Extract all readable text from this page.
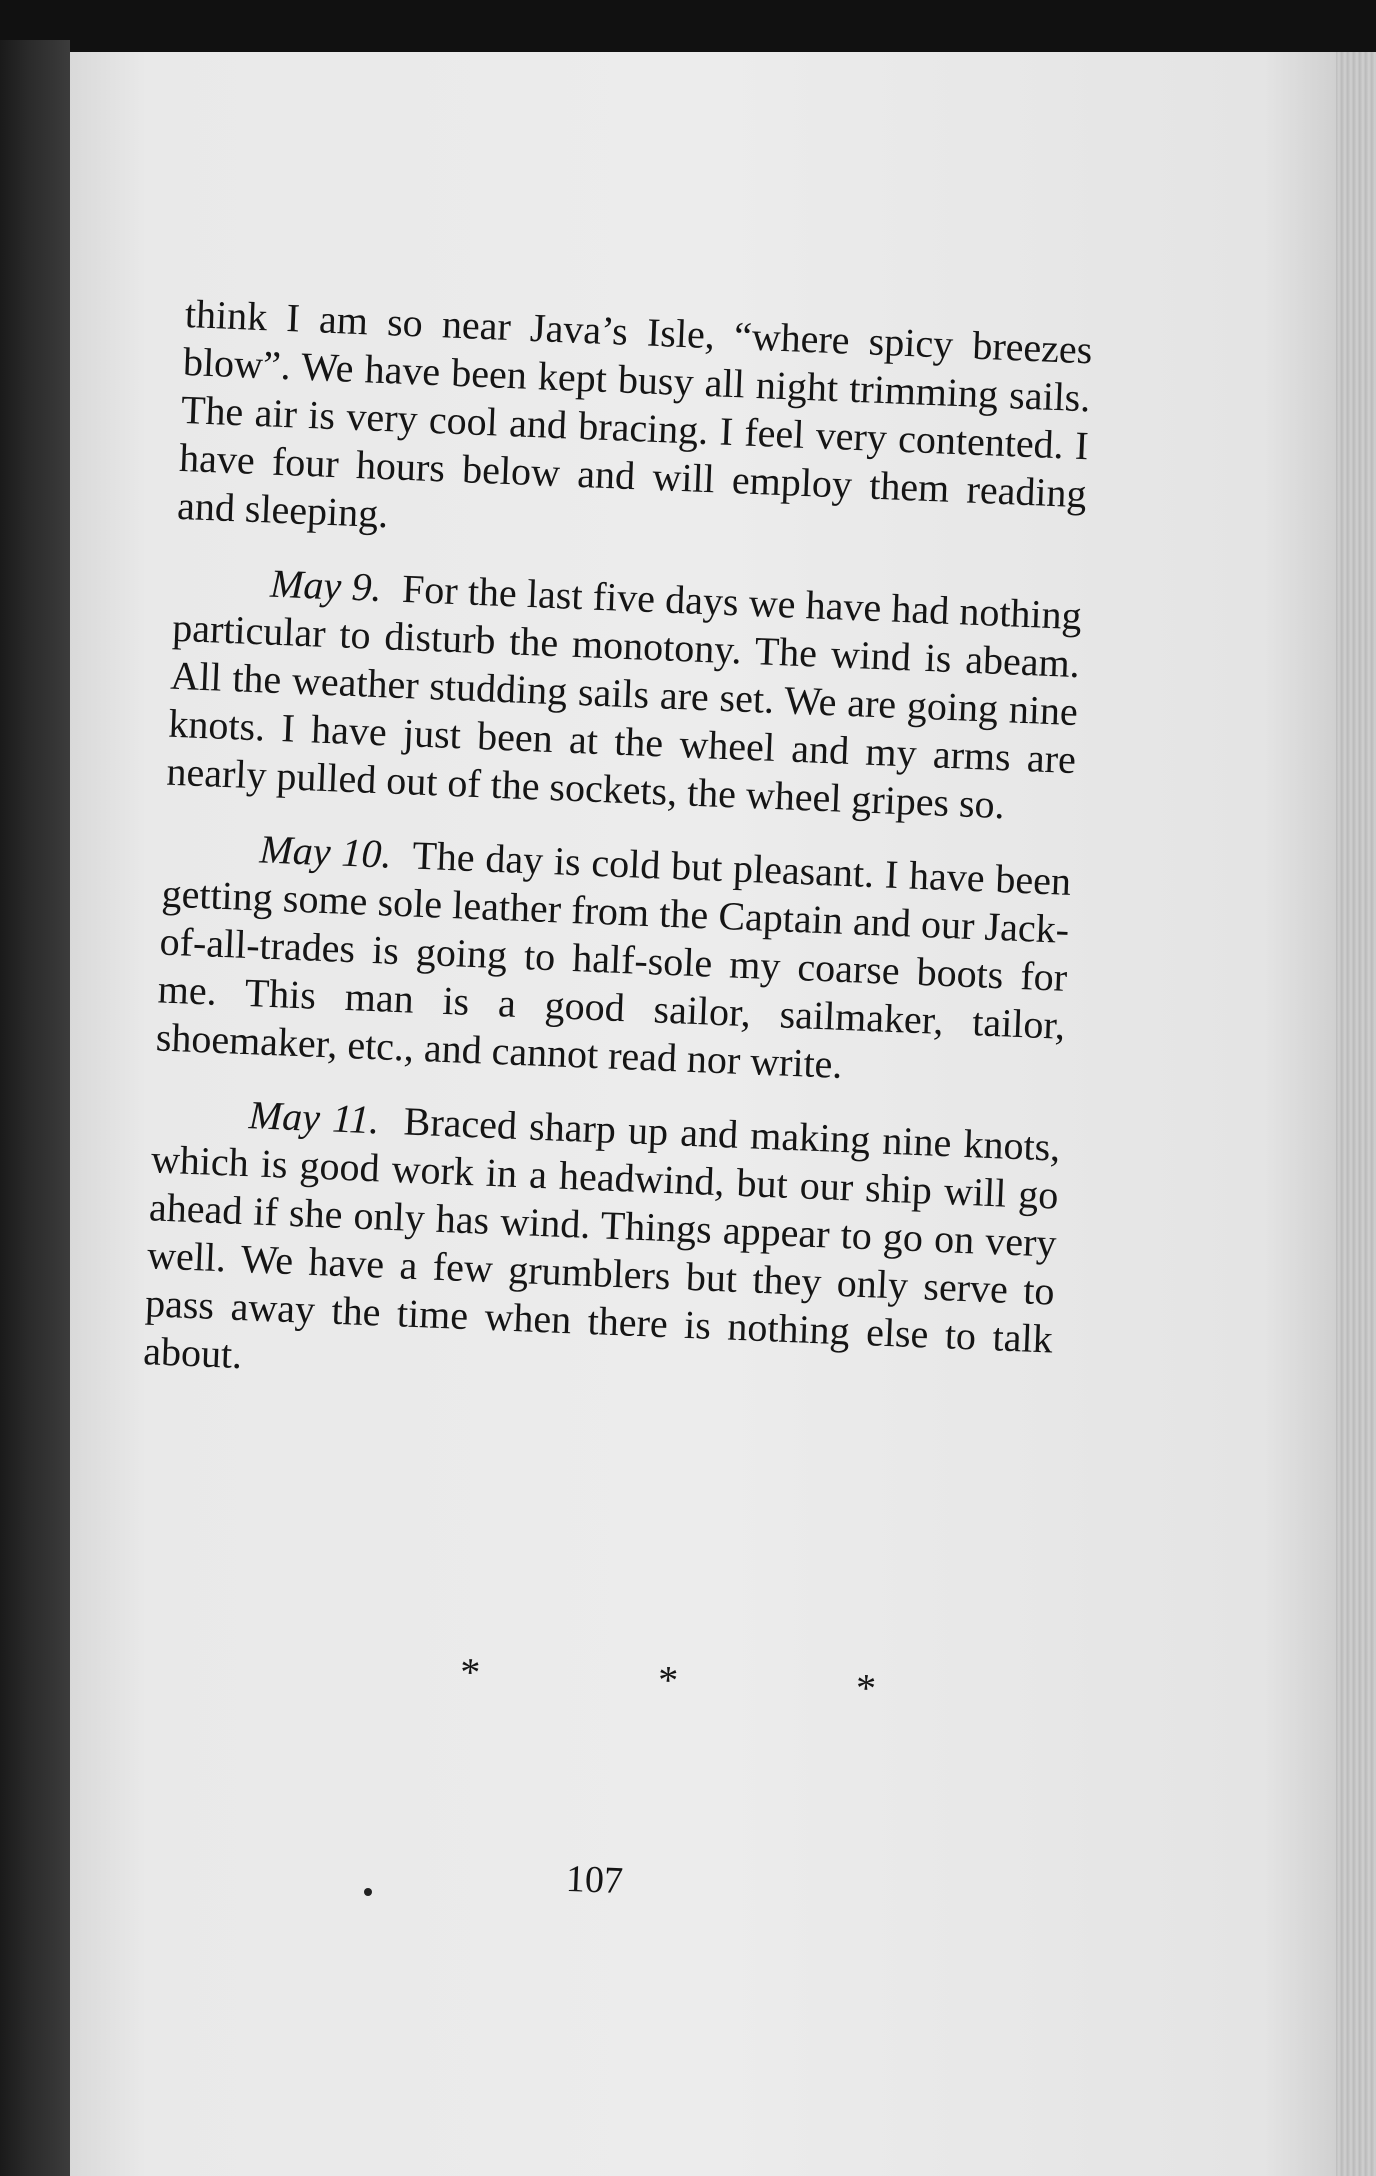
think I am so near Java’s Isle, “where spicy breezes blow”. We have been kept busy all night trimming sails. The air is very cool and bracing. I feel very contented. I have four hours below and will employ them reading and sleeping.

May 9. For the last five days we have had nothing particular to disturb the monotony. The wind is abeam. All the weather studding sails are set. We are going nine knots. I have just been at the wheel and my arms are nearly pulled out of the sockets, the wheel gripes so.

May 10. The day is cold but pleasant. I have been getting some sole leather from the Captain and our Jack-of-all-trades is going to half-sole my coarse boots for me. This man is a good sailor, sailmaker, tailor, shoemaker, etc., and cannot read nor write.

May 11. Braced sharp up and making nine knots, which is good work in a headwind, but our ship will go ahead if she only has wind. Things appear to go on very well. We have a few grumblers but they only serve to pass away the time when there is nothing else to talk about.

* * *
107
